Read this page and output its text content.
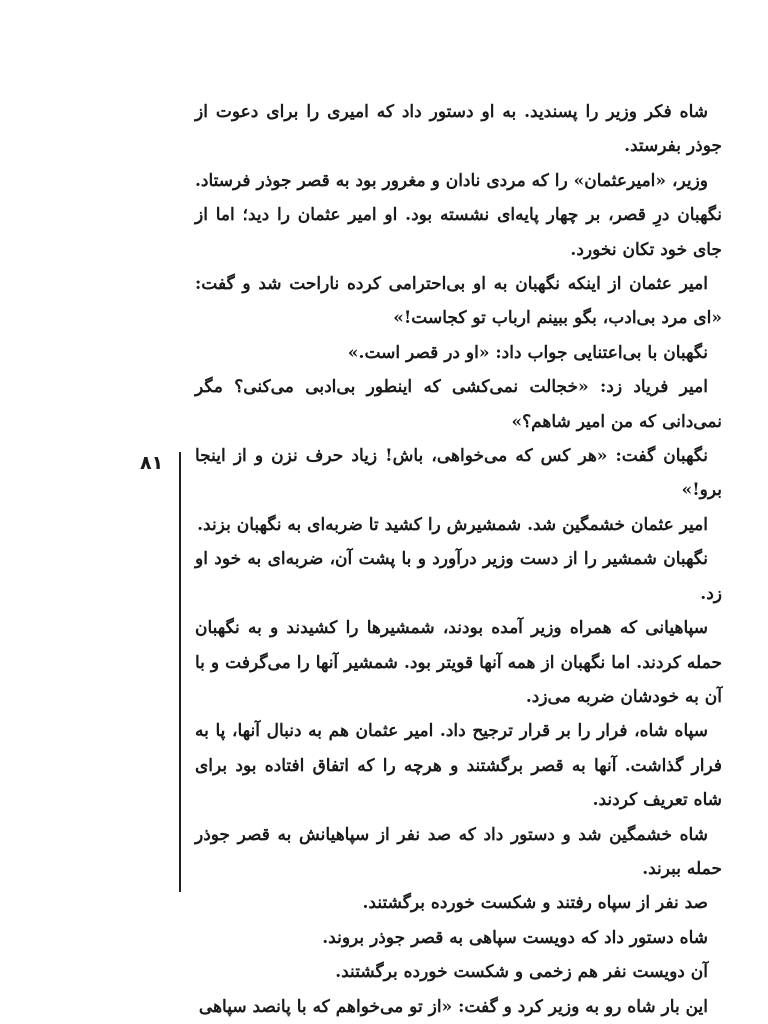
۸۱

شاه فکر وزیر را پسندید. به او دستور داد که امیری را برای دعوت از جوذر بفرستد.

وزیر، «امیرعثمان» را که مردی نادان و مغرور بود به قصر جوذر فرستاد. نگهبان درِ قصر، بر چهار پایه‌ای نشسته بود. او امیر عثمان را دید؛ اما از جای خود تکان نخورد.

امیر عثمان از اینکه نگهبان به او بی‌احترامی کرده ناراحت شد و گفت: «ای مرد بی‌ادب، بگو ببینم ارباب تو کجاست!»

نگهبان با بی‌اعتنایی جواب داد: «او در قصر است.»

امیر فریاد زد: «خجالت نمی‌کشی که اینطور بی‌ادبی می‌کنی؟ مگر نمی‌دانی که من امیر شاهم؟»

نگهبان گفت: «هر کس که می‌خواهی، باش! زیاد حرف نزن و از اینجا برو!»

امیر عثمان خشمگین شد. شمشیرش را کشید تا ضربه‌ای به نگهبان بزند.

نگهبان شمشیر را از دست وزیر درآورد و با پشت آن، ضربه‌ای به خود او زد.

سپاهیانی که همراه وزیر آمده بودند، شمشیرها را کشیدند و به نگهبان حمله کردند. اما نگهبان از همه آنها قویتر بود. شمشیر آنها را می‌گرفت و با آن به خودشان ضربه می‌زد.

سپاه شاه، فرار را بر قرار ترجیح داد. امیر عثمان هم به دنبال آنها، پا به فرار گذاشت. آنها به قصر برگشتند و هرچه را که اتفاق افتاده بود برای شاه تعریف کردند.

شاه خشمگین شد و دستور داد که صد نفر از سپاهیانش به قصر جوذر حمله ببرند.

صد نفر از سپاه رفتند و شکست خورده برگشتند.

شاه دستور داد که دویست سپاهی به قصر جوذر بروند.

آن دویست نفر هم زخمی و شکست خورده برگشتند.

این بار شاه رو به وزیر کرد و گفت: «از تو می‌خواهم که با پانصد سپاهی
